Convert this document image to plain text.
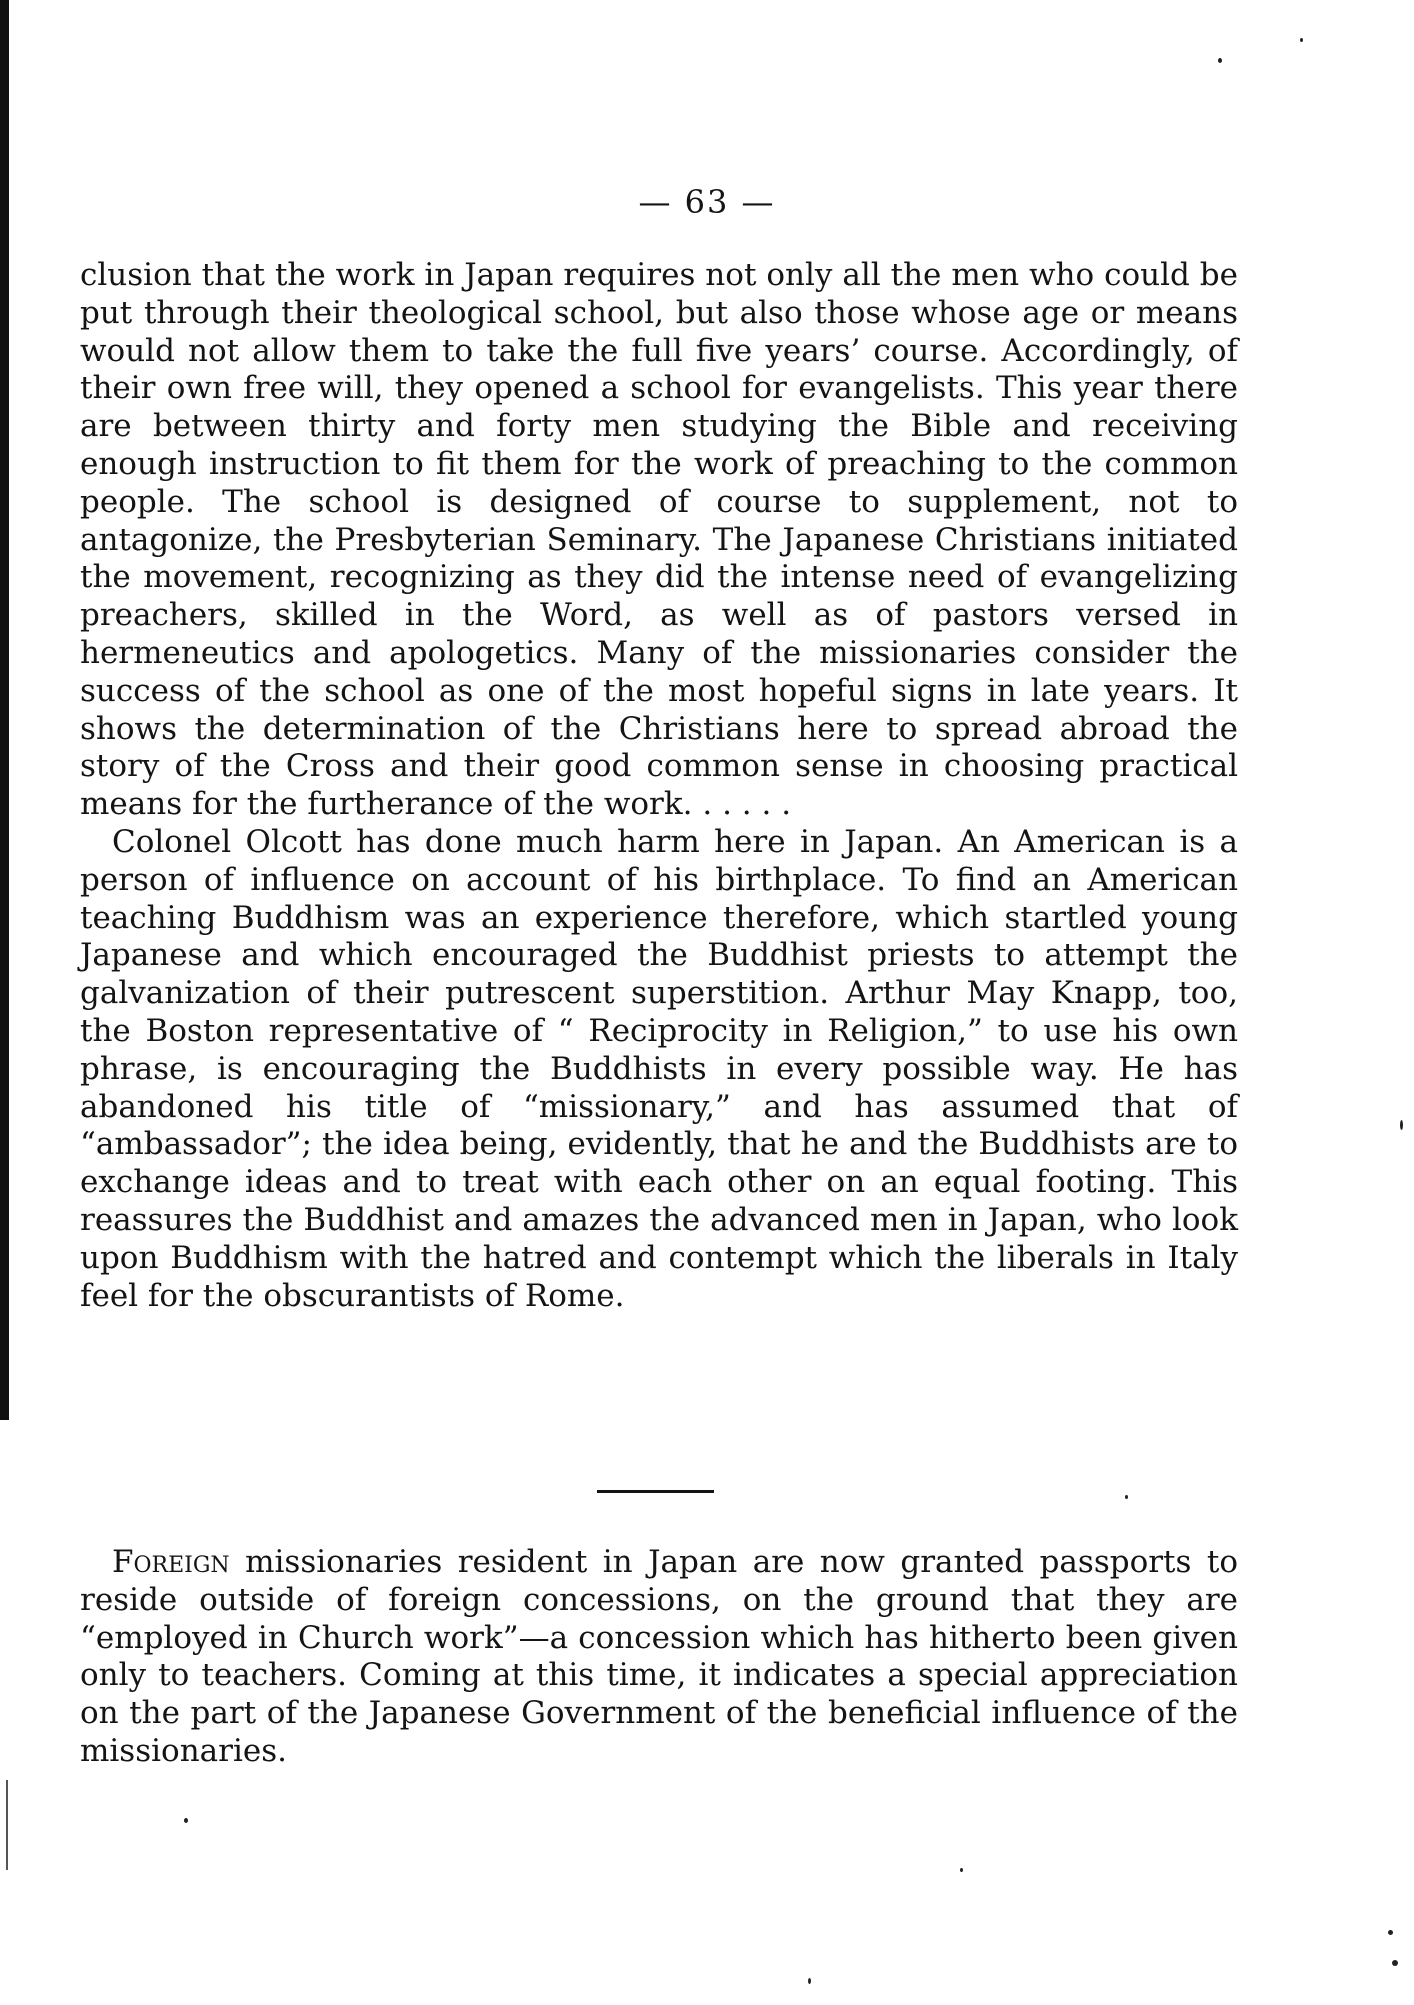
— 63 —

clusion that the work in Japan requires not only all the men who could be put through their theological school, but also those whose age or means would not allow them to take the full five years’ course. Accordingly, of their own free will, they opened a school for evangelists. This year there are between thirty and forty men studying the Bible and receiving enough instruction to fit them for the work of preaching to the common people. The school is designed of course to supplement, not to antagonize, the Presbyterian Seminary. The Japanese Christians initiated the movement, recognizing as they did the intense need of evangelizing preachers, skilled in the Word, as well as of pastors versed in hermeneutics and apologetics. Many of the missionaries consider the success of the school as one of the most hopeful signs in late years. It shows the determination of the Christians here to spread abroad the story of the Cross and their good common sense in choosing practical means for the furtherance of the work. . . . . .

Colonel Olcott has done much harm here in Japan. An American is a person of influence on account of his birthplace. To find an American teaching Buddhism was an experience therefore, which startled young Japanese and which encouraged the Buddhist priests to attempt the galvanization of their putrescent superstition. Arthur May Knapp, too, the Boston representative of “ Reciprocity in Religion,” to use his own phrase, is encouraging the Buddhists in every possible way. He has abandoned his title of “missionary,” and has assumed that of “ambassador”; the idea being, evidently, that he and the Buddhists are to exchange ideas and to treat with each other on an equal footing. This reassures the Buddhist and amazes the advanced men in Japan, who look upon Buddhism with the hatred and contempt which the liberals in Italy feel for the obscurantists of Rome.

Foreign missionaries resident in Japan are now granted passports to reside outside of foreign concessions, on the ground that they are “employed in Church work”—a concession which has hitherto been given only to teachers. Coming at this time, it indicates a special appreciation on the part of the Japanese Government of the beneficial influence of the missionaries.
